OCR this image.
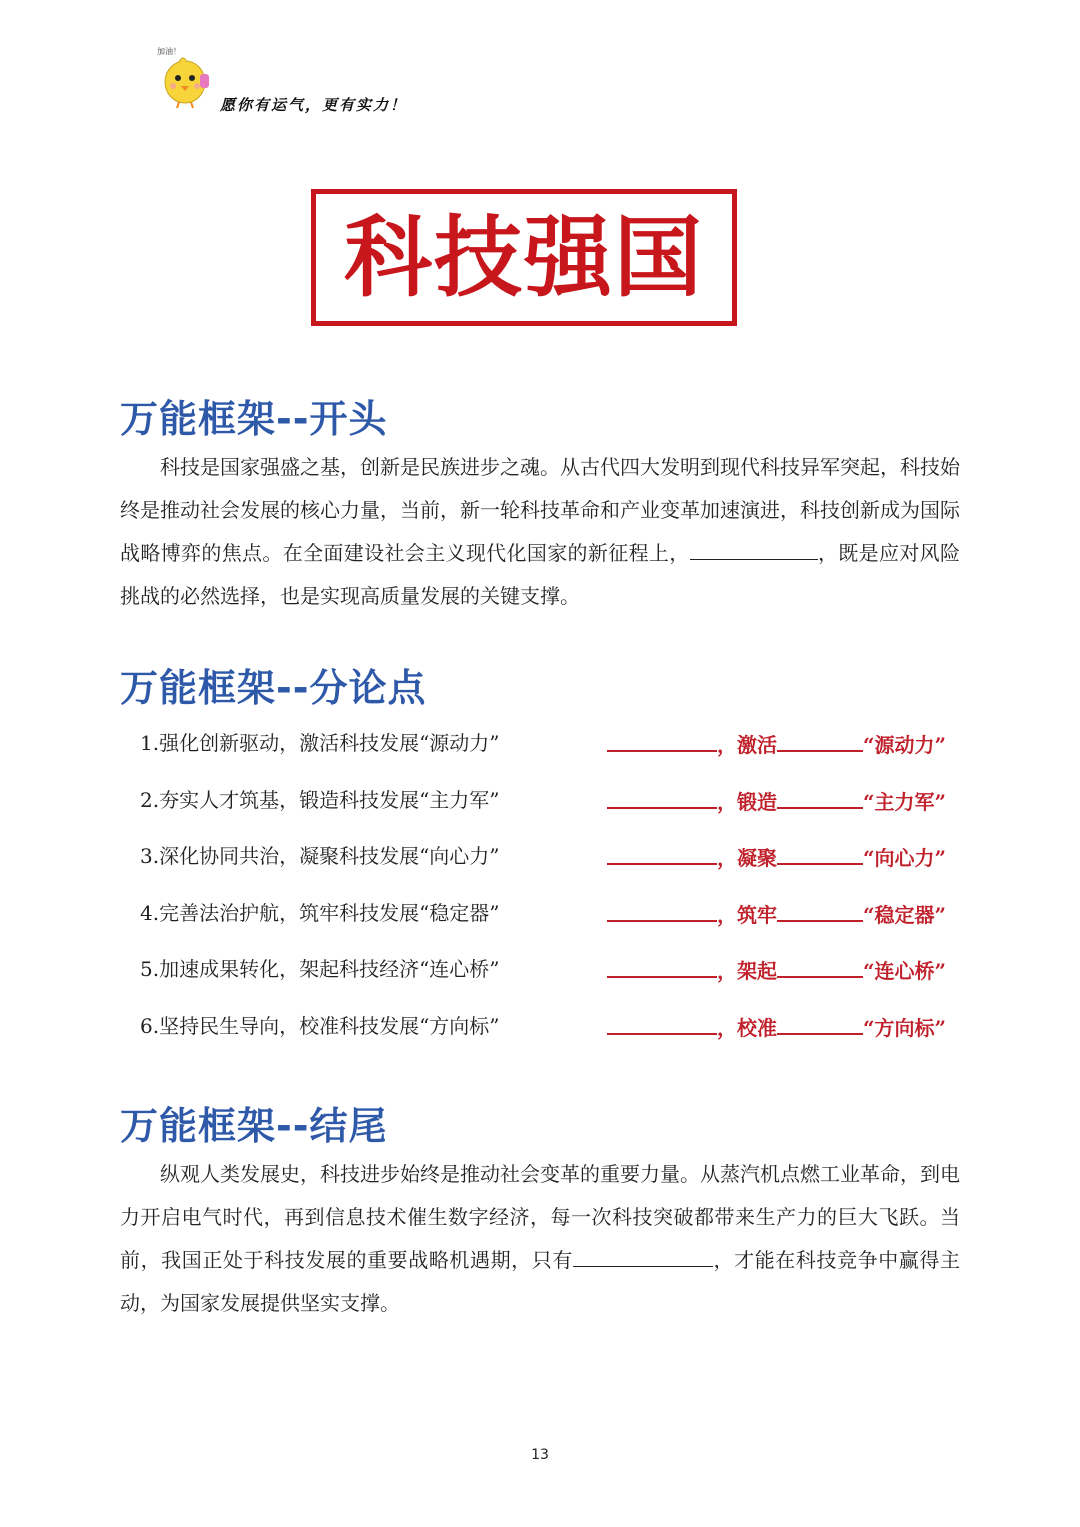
加油！
愿你有运气，更有实力！
科技强国
万能框架--开头

科技是国家强盛之基，创新是民族进步之魂。从古代四大发明到现代科技异军突起，科技始终是推动社会发展的核心力量，当前，新一轮科技革命和产业变革加速演进，科技创新成为国际战略博弈的焦点。在全面建设社会主义现代化国家的新征程上，	，既是应对风险挑战的必然选择，也是实现高质量发展的关键支撑。

万能框架--分论点
1.强化创新驱动，激活科技发展“源动力”	，激活	“源动力”
2.夯实人才筑基，锻造科技发展“主力军”	，锻造	“主力军”
3.深化协同共治，凝聚科技发展“向心力”	，凝聚	“向心力”
4.完善法治护航，筑牢科技发展“稳定器”	，筑牢	“稳定器”
5.加速成果转化，架起科技经济“连心桥”	，架起	“连心桥”
6.坚持民生导向，校准科技发展“方向标”	，校准	“方向标”
万能框架--结尾

纵观人类发展史，科技进步始终是推动社会变革的重要力量。从蒸汽机点燃工业革命，到电力开启电气时代，再到信息技术催生数字经济，每一次科技突破都带来生产力的巨大飞跃。当前，我国正处于科技发展的重要战略机遇期，只有	，才能在科技竞争中赢得主动，为国家发展提供坚实支撑。

13
